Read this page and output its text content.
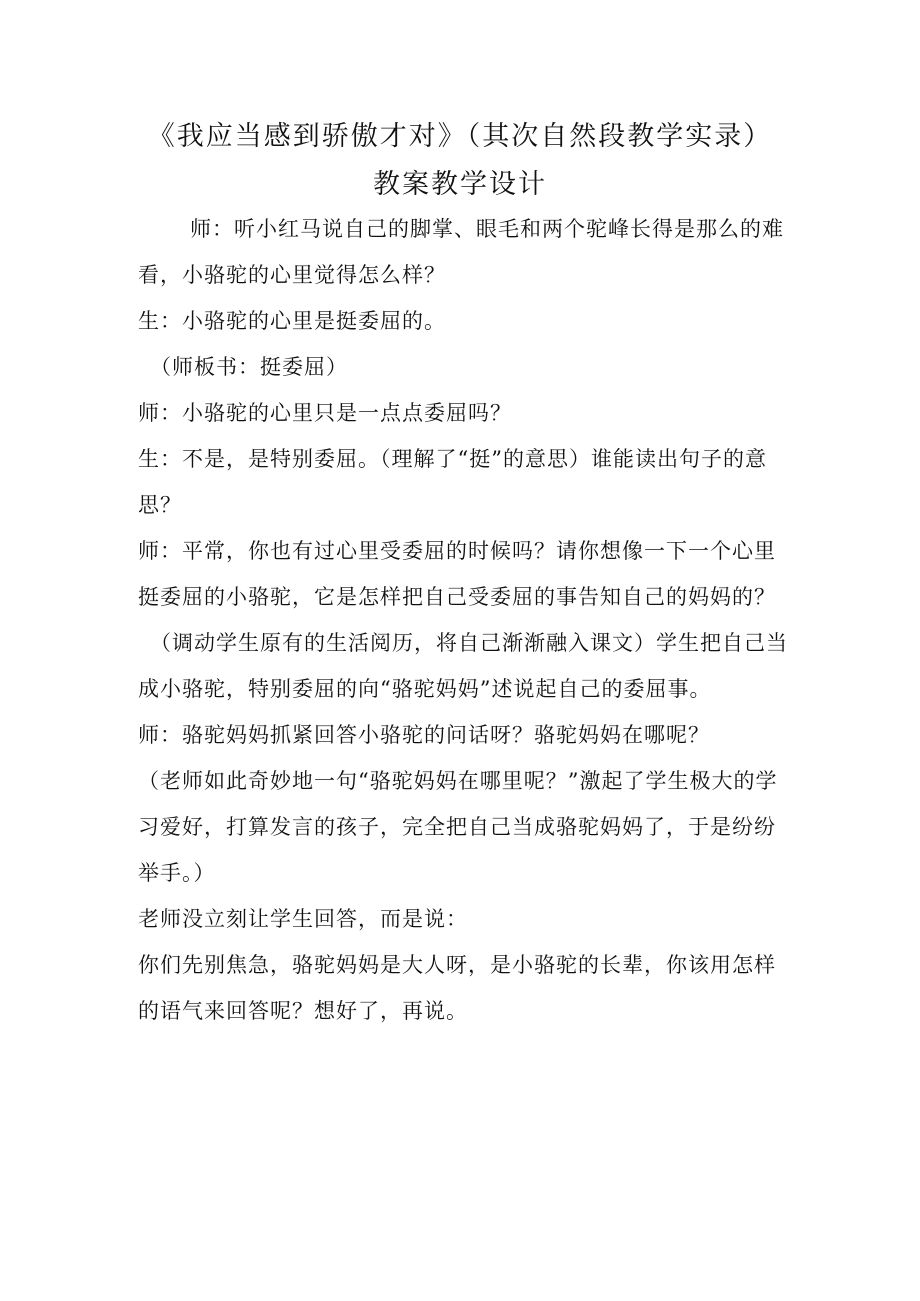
《我应当感到骄傲才对》（其次自然段教学实录）
教案教学设计

师：听小红马说自己的脚掌、眼毛和两个驼峰长得是那么的难看，小骆驼的心里觉得怎么样？

生：小骆驼的心里是挺委屈的。

（师板书：挺委屈）

师：小骆驼的心里只是一点点委屈吗？

生：不是，是特别委屈。（理解了“挺”的意思）谁能读出句子的意思？

师：平常，你也有过心里受委屈的时候吗？请你想像一下一个心里挺委屈的小骆驼，它是怎样把自己受委屈的事告知自己的妈妈的？

（调动学生原有的生活阅历，将自己渐渐融入课文）学生把自己当成小骆驼，特别委屈的向“骆驼妈妈”述说起自己的委屈事。

师：骆驼妈妈抓紧回答小骆驼的问话呀？骆驼妈妈在哪呢？

（老师如此奇妙地一句“骆驼妈妈在哪里呢？”激起了学生极大的学习爱好，打算发言的孩子，完全把自己当成骆驼妈妈了，于是纷纷举手。）

老师没立刻让学生回答，而是说：

你们先别焦急，骆驼妈妈是大人呀，是小骆驼的长辈，你该用怎样的语气来回答呢？想好了，再说。
